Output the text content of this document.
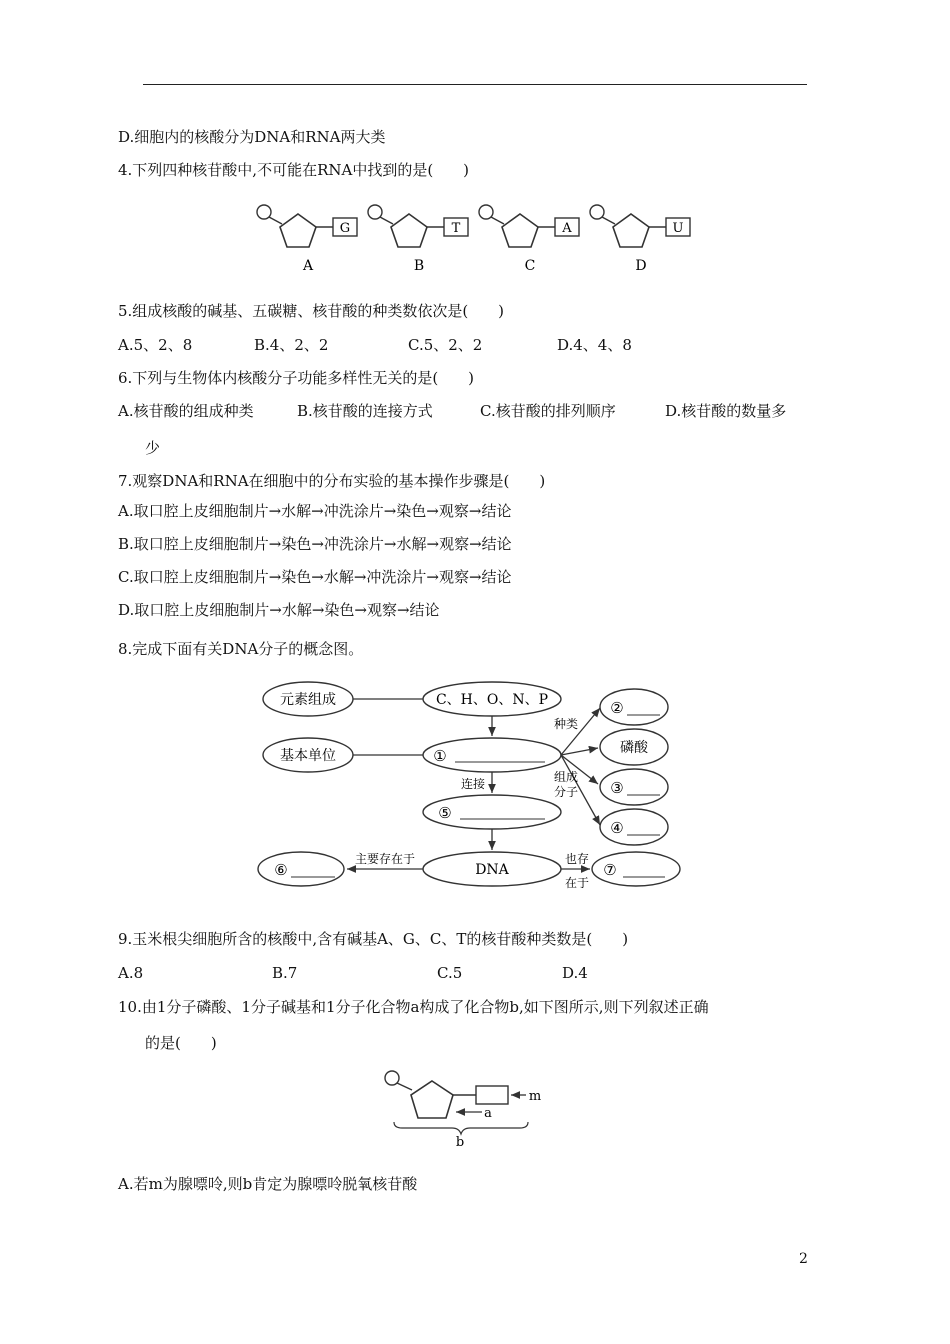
D.细胞内的核酸分为DNA和RNA两大类
4.下列四种核苷酸中,不可能在RNA中找到的是(　　)
G
A
T
B
A
C
U
D
5.组成核酸的碱基、五碳糖、核苷酸的种类数依次是(　　)
A.5、2、8	B.4、2、2	C.5、2、2	D.4、4、8
6.下列与生物体内核酸分子功能多样性无关的是(　　)
A.核苷酸的组成种类	B.核苷酸的连接方式	C.核苷酸的排列顺序	D.核苷酸的数量多
少
7.观察DNA和RNA在细胞中的分布实验的基本操作步骤是(　　)
A.取口腔上皮细胞制片→水解→冲洗涂片→染色→观察→结论
B.取口腔上皮细胞制片→染色→冲洗涂片→水解→观察→结论
C.取口腔上皮细胞制片→染色→水解→冲洗涂片→观察→结论
D.取口腔上皮细胞制片→水解→染色→观察→结论
8.完成下面有关DNA分子的概念图。
元素组成
基本单位
C、H、O、N、P
①
连接
⑤
DNA
主要存在于
⑥
也存
在于
⑦
种类
组成
分子
②
磷酸
③
④
9.玉米根尖细胞所含的核酸中,含有碱基A、G、C、T的核苷酸种类数是(　　)
A.8	B.7	C.5	D.4
10.由1分子磷酸、1分子碱基和1分子化合物a构成了化合物b,如下图所示,则下列叙述正确
的是(　　)
m
a
b
A.若m为腺嘌呤,则b肯定为腺嘌呤脱氧核苷酸
2
